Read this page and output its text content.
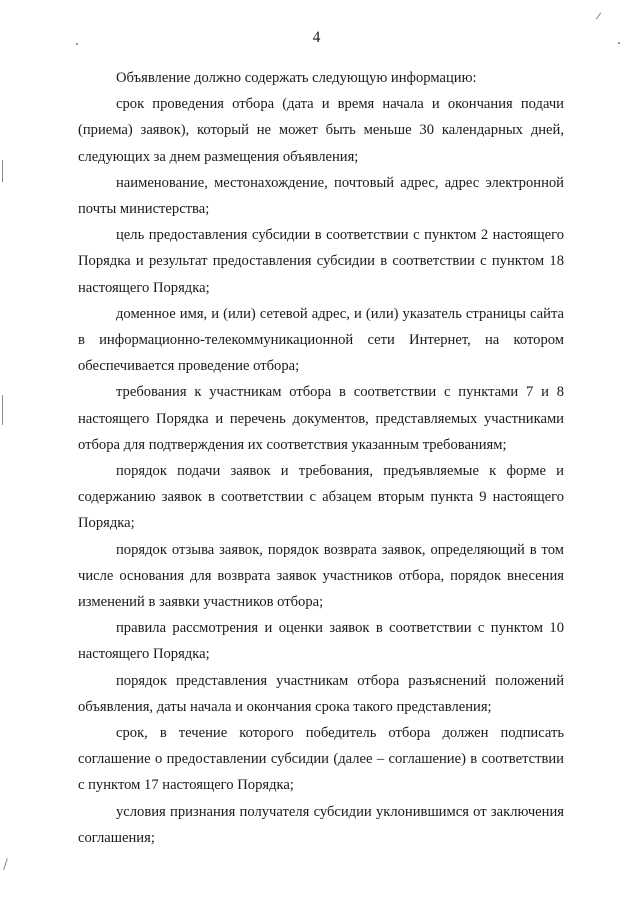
4

Объявление должно содержать следующую информацию:

срок проведения отбора (дата и время начала и окончания подачи (приема) заявок), который не может быть меньше 30 календарных дней, следующих за днем размещения объявления;

наименование, местонахождение, почтовый адрес, адрес электронной почты министерства;

цель предоставления субсидии в соответствии с пунктом 2 настоящего Порядка и результат предоставления субсидии в соответствии с пунктом 18 настоящего Порядка;

доменное имя, и (или) сетевой адрес, и (или) указатель страницы сайта в информационно-телекоммуникационной сети Интернет, на котором обеспечивается проведение отбора;

требования к участникам отбора в соответствии с пунктами 7 и 8 настоящего Порядка и перечень документов, представляемых участниками отбора для подтверждения их соответствия указанным требованиям;

порядок подачи заявок и требования, предъявляемые к форме и содержанию заявок в соответствии с абзацем вторым пункта 9 настоящего Порядка;

порядок отзыва заявок, порядок возврата заявок, определяющий в том числе основания для возврата заявок участников отбора, порядок внесения изменений в заявки участников отбора;

правила рассмотрения и оценки заявок в соответствии с пунктом 10 настоящего Порядка;

порядок представления участникам отбора разъяснений положений объявления, даты начала и окончания срока такого представления;

срок, в течение которого победитель отбора должен подписать соглашение о предоставлении субсидии (далее – соглашение) в соответствии с пунктом 17 настоящего Порядка;

условия признания получателя субсидии уклонившимся от заключения соглашения;
